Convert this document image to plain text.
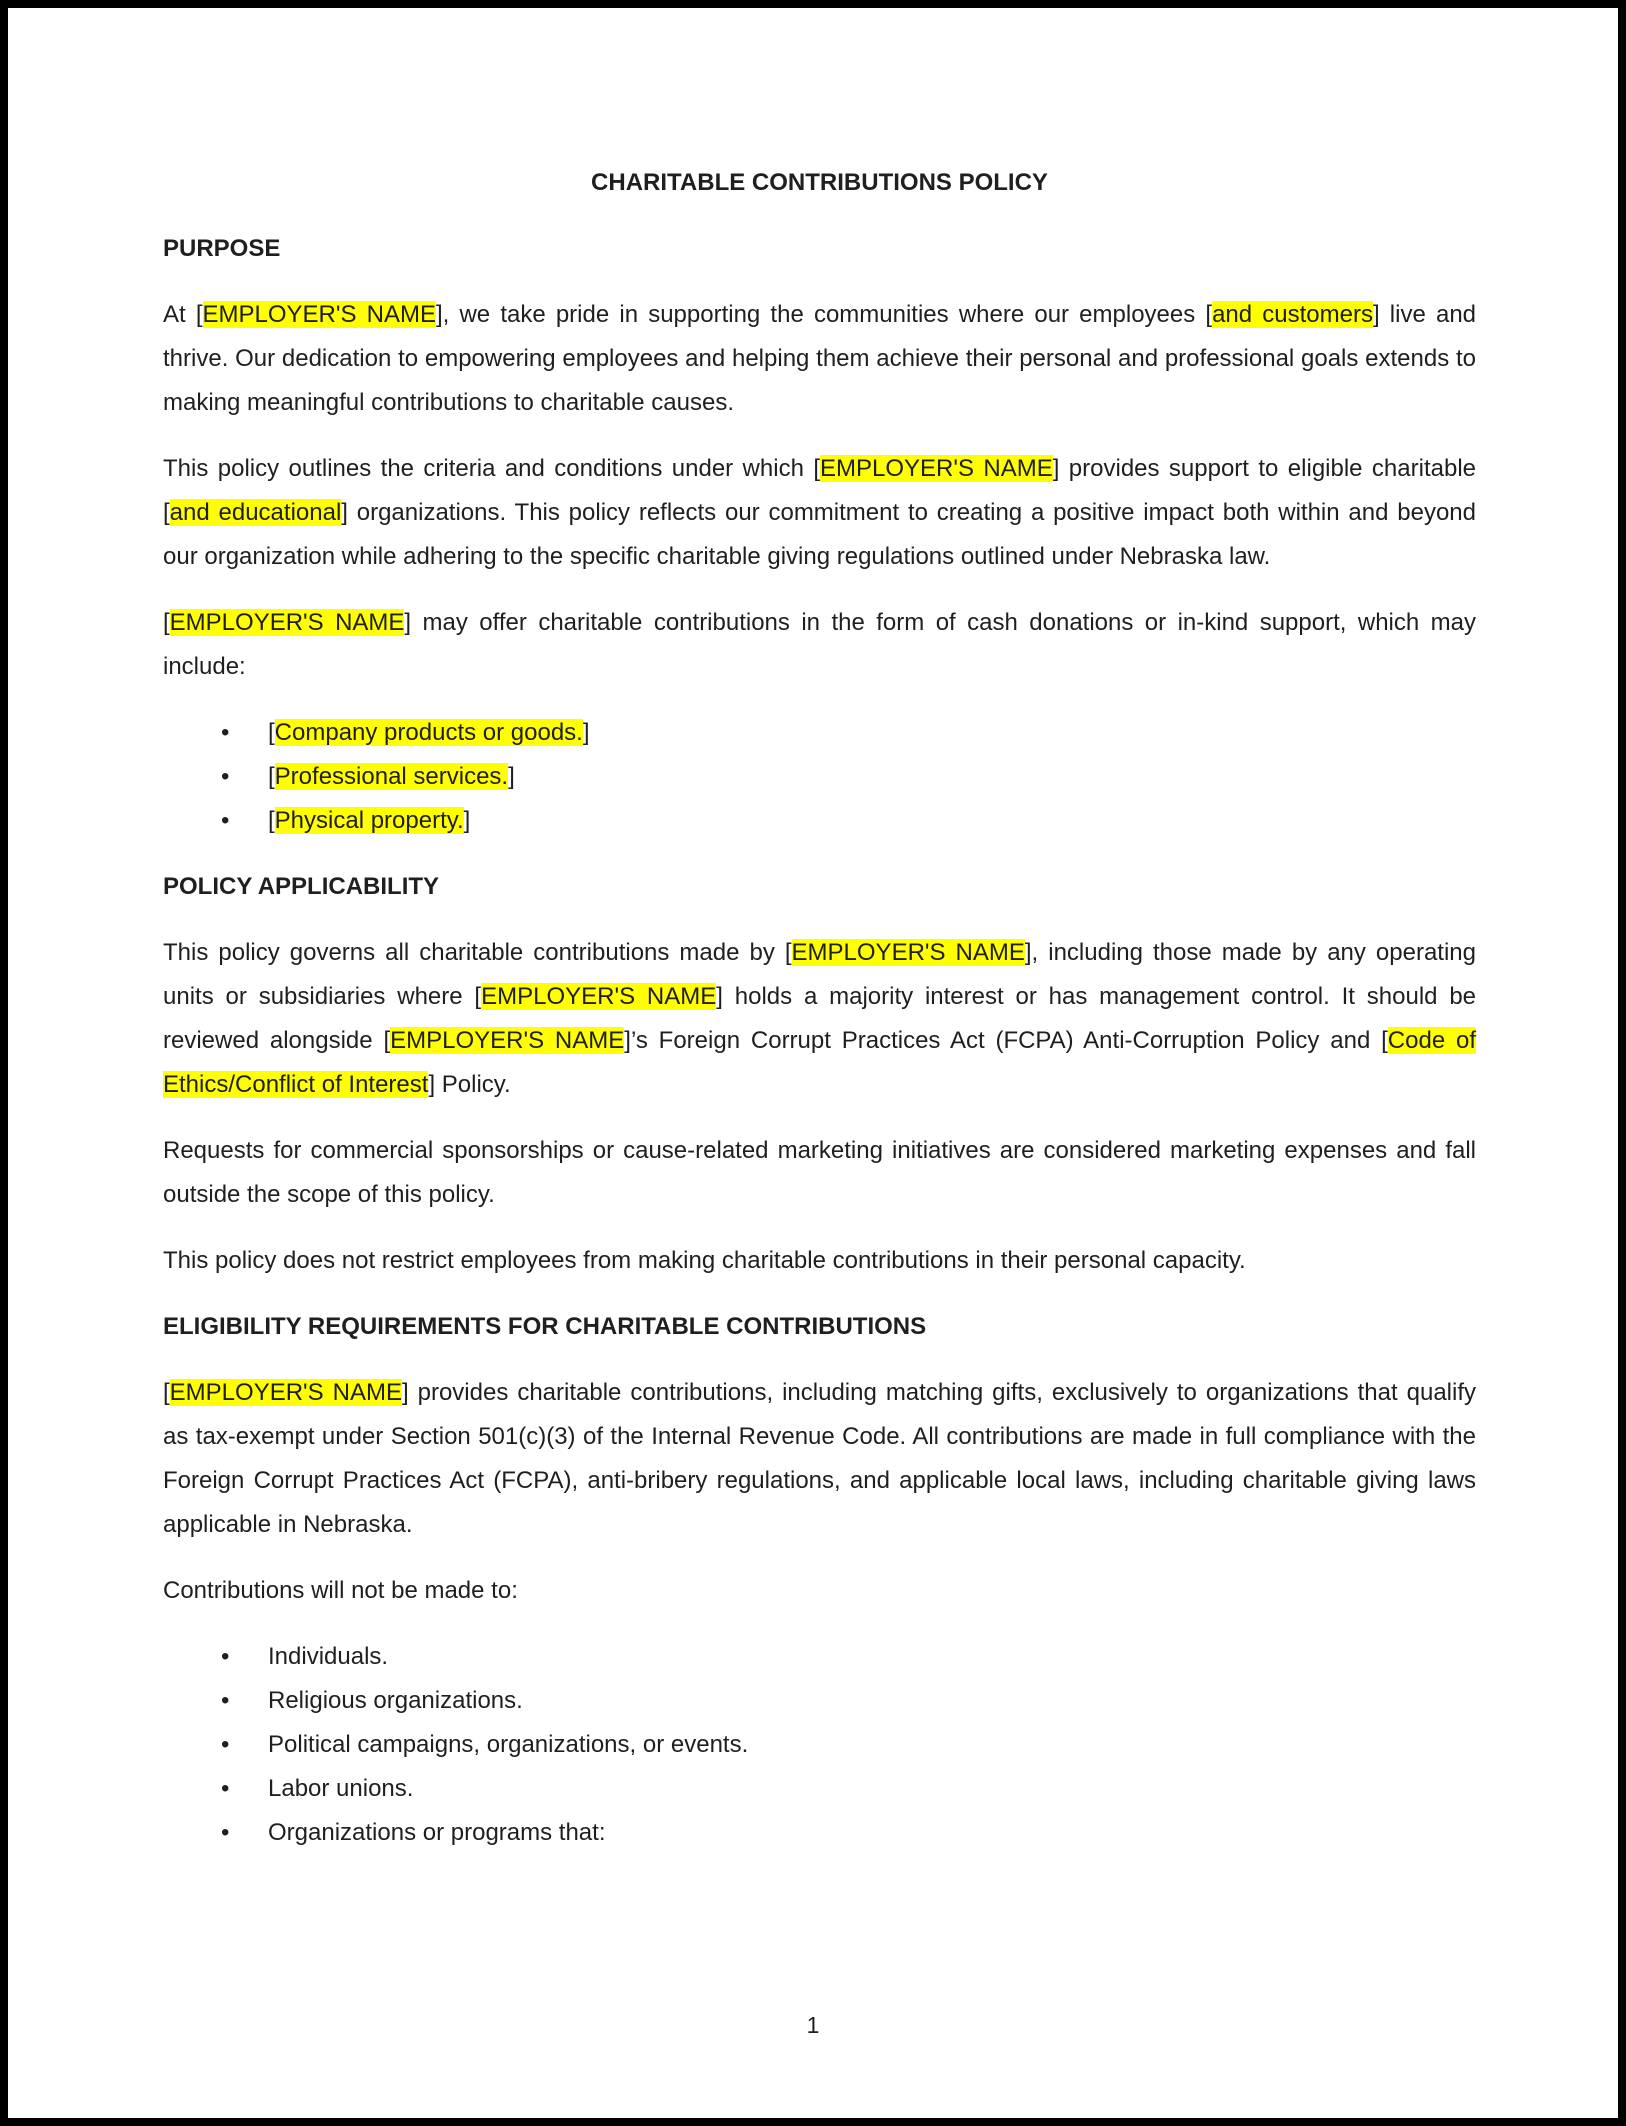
CHARITABLE CONTRIBUTIONS POLICY
PURPOSE

At [EMPLOYER'S NAME], we take pride in supporting the communities where our employees [and customers] live and thrive. Our dedication to empowering employees and helping them achieve their personal and professional goals extends to making meaningful contributions to charitable causes.

This policy outlines the criteria and conditions under which [EMPLOYER'S NAME] provides support to eligible charitable [and educational] organizations. This policy reflects our commitment to creating a positive impact both within and beyond our organization while adhering to the specific charitable giving regulations outlined under Nebraska law.

[EMPLOYER'S NAME] may offer charitable contributions in the form of cash donations or in-kind support, which may include:

• [Company products or goods.]
• [Professional services.]
• [Physical property.]
POLICY APPLICABILITY

This policy governs all charitable contributions made by [EMPLOYER'S NAME], including those made by any operating units or subsidiaries where [EMPLOYER'S NAME] holds a majority interest or has management control. It should be reviewed alongside [EMPLOYER'S NAME]’s Foreign Corrupt Practices Act (FCPA) Anti-Corruption Policy and [Code of Ethics/Conflict of Interest] Policy.

Requests for commercial sponsorships or cause-related marketing initiatives are considered marketing expenses and fall outside the scope of this policy.

This policy does not restrict employees from making charitable contributions in their personal capacity.

ELIGIBILITY REQUIREMENTS FOR CHARITABLE CONTRIBUTIONS

[EMPLOYER'S NAME] provides charitable contributions, including matching gifts, exclusively to organizations that qualify as tax-exempt under Section 501(c)(3) of the Internal Revenue Code. All contributions are made in full compliance with the Foreign Corrupt Practices Act (FCPA), anti-bribery regulations, and applicable local laws, including charitable giving laws applicable in Nebraska.

Contributions will not be made to:

• Individuals.
• Religious organizations.
• Political campaigns, organizations, or events.
• Labor unions.
• Organizations or programs that:
1
